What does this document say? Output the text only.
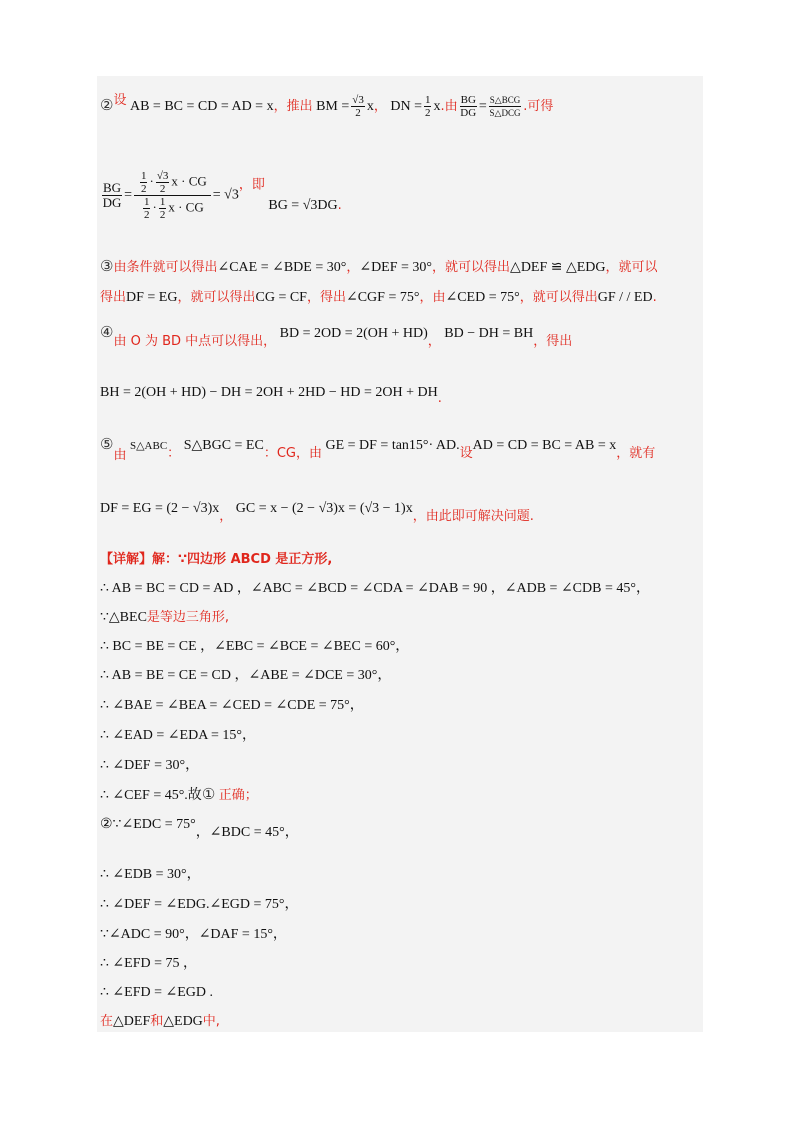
②设 AB = BC = CD = AD = x，推出 BM = $\frac{√3}{2}$ x， DN = $\frac{1}{2} x$.由 $\frac{BG}{DG} = \frac{\text{S△BCG}}{\text{S△DCG}}$ .可得
$\frac{BG}{DG} = \frac{\frac{1}{2} \cdot \frac{√3}{2} x \cdot CG}{\frac{1}{2} \cdot \frac{1}{2} x \cdot CG} = √3$，即 BG = √3DG.
③由条件就可以得出∠CAE = ∠BDE = 30°，∠DEF = 30°，就可以得出△DEF ≌ △EDG，就可以
得出DF = EG，就可以得出CG = CF，得出∠CGF = 75°，由∠CED = 75°，就可以得出GF / / ED.
④由 O 为 BD 中点可以得出， BD = 2OD = 2(OH + HD)， BD − DH = BH，得出
BH = 2(OH + HD) − DH = 2OH + 2HD − HD = 2OH + DH.
⑤由 S△ABC： S△BGC = EC：CG，由 GE = DF = tan15°· AD.设AD = CD = BC = AB = x，就有
DF = EG = (2 − √3)x， GC = x − (2 − √3)x = (√3 − 1)x，由此即可解决问题.
【详解】解：∵四边形 ABCD 是正方形,
∴ AB = BC = CD = AD ，∠ABC = ∠BCD = ∠CDA = ∠DAB = 90 ，∠ADB = ∠CDB = 45°，
∵△BEC是等边三角形,
∴ BC = BE = CE ，∠EBC = ∠BCE = ∠BEC = 60°，
∴ AB = BE = CE = CD ，∠ABE = ∠DCE = 30°，
∴ ∠BAE = ∠BEA = ∠CED = ∠CDE = 75°，
∴ ∠EAD = ∠EDA = 15°，
∴ ∠DEF = 30°，
∴ ∠CEF = 45°.故① 正确；
②∵∠EDC = 75°，∠BDC = 45°，
∴ ∠EDB = 30°，
∴ ∠DEF = ∠EDG.∠EGD = 75°，
∵∠ADC = 90°，∠DAF = 15°，
∴ ∠EFD = 75 ，
∴ ∠EFD = ∠EGD .
在△DEF和△EDG中,
